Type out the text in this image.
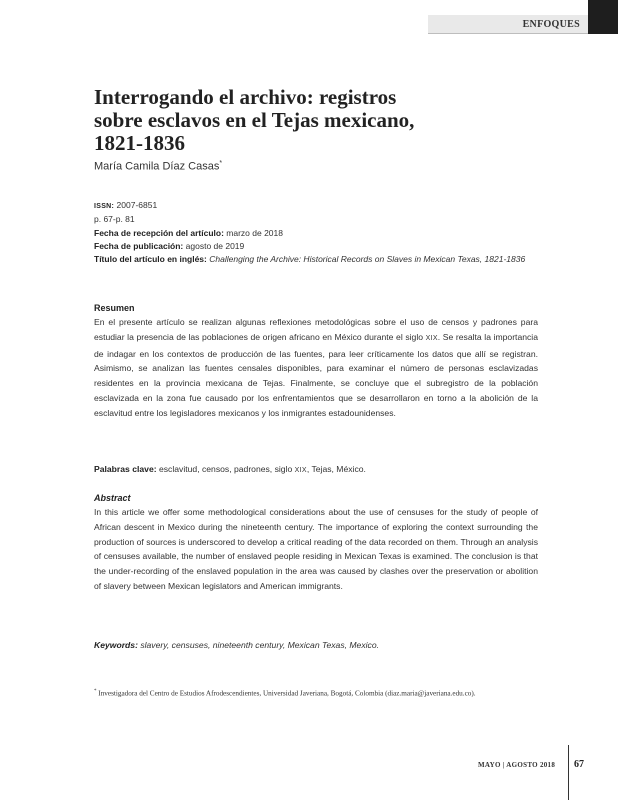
ENFOQUES
Interrogando el archivo: registros
sobre esclavos en el Tejas mexicano,
1821-1836

María Camila Díaz Casas*

ISSN: 2007-6851
p. 67-p. 81
Fecha de recepción del artículo: marzo de 2018
Fecha de publicación: agosto de 2019
Título del artículo en inglés: Challenging the Archive: Historical Records on Slaves in Mexican Texas, 1821-1836
Resumen

En el presente artículo se realizan algunas reflexiones metodológicas sobre el uso de censos y padrones para estudiar la presencia de las poblaciones de origen africano en México durante el siglo XIX. Se resalta la importancia de indagar en los contextos de producción de las fuentes, para leer críticamente los datos que allí se registran. Asimismo, se analizan las fuentes censales disponibles, para examinar el número de personas esclavizadas residentes en la provincia mexicana de Tejas. Finalmente, se concluye que el subregistro de la población esclavizada en la zona fue causado por los enfrentamientos que se desarrollaron en torno a la abolición de la esclavitud entre los legisladores mexicanos y los inmigrantes estadounidenses.

Palabras clave: esclavitud, censos, padrones, siglo XIX, Tejas, México.
Abstract

In this article we offer some methodological considerations about the use of censuses for the study of people of African descent in Mexico during the nineteenth century. The importance of exploring the context surrounding the production of sources is underscored to develop a critical reading of the data recorded on them. Through an analysis of censuses available, the number of enslaved people residing in Mexican Texas is examined. The conclusion is that the under-recording of the enslaved population in the area was caused by clashes over the preservation or abolition of slavery between Mexican legislators and American immigrants.

Keywords: slavery, censuses, nineteenth century, Mexican Texas, Mexico.
* Investigadora del Centro de Estudios Afrodescendientes, Universidad Javeriana, Bogotá, Colombia (diaz.maria@javeriana.edu.co).
MAYO | AGOSTO 2018 67
